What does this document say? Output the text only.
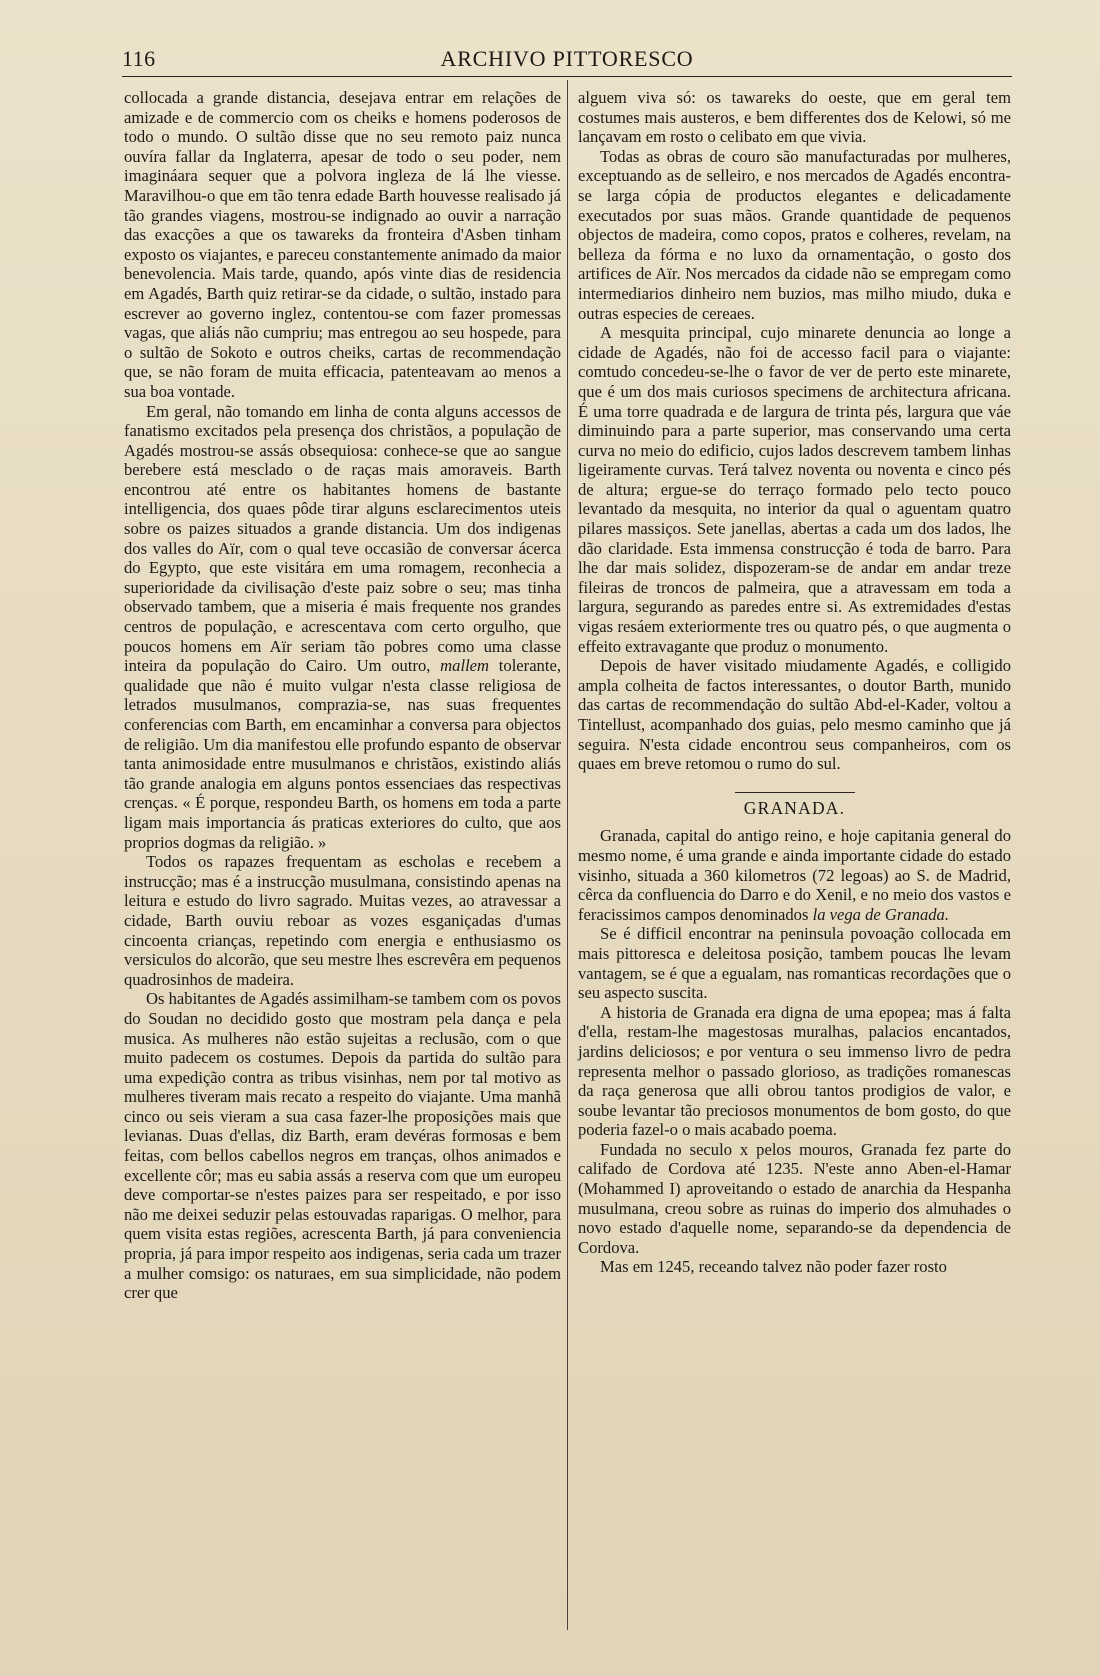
116	ARCHIVO PITTORESCO

collocada a grande distancia, desejava entrar em relações de amizade e de commercio com os cheiks e homens poderosos de todo o mundo. O sultão disse que no seu remoto paiz nunca ouvíra fallar da Inglaterra, apesar de todo o seu poder, nem imagináara sequer que a polvora ingleza de lá lhe viesse. Maravilhou-o que em tão tenra edade Barth houvesse realisado já tão grandes viagens, mostrou-se indignado ao ouvir a narração das exacções a que os tawareks da fronteira d'Asben tinham exposto os viajantes, e pareceu constantemente animado da maior benevolencia. Mais tarde, quando, após vinte dias de residencia em Agadés, Barth quiz retirar-se da cidade, o sultão, instado para escrever ao governo inglez, contentou-se com fazer promessas vagas, que aliás não cumpriu; mas entregou ao seu hospede, para o sultão de Sokoto e outros cheiks, cartas de recommendação que, se não foram de muita efficacia, patenteavam ao menos a sua boa vontade.

Em geral, não tomando em linha de conta alguns accessos de fanatismo excitados pela presença dos christãos, a população de Agadés mostrou-se assás obsequiosa: conhece-se que ao sangue berebere está mesclado o de raças mais amoraveis. Barth encontrou até entre os habitantes homens de bastante intelligencia, dos quaes pôde tirar alguns esclarecimentos uteis sobre os paizes situados a grande distancia. Um dos indigenas dos valles do Aïr, com o qual teve occasião de conversar ácerca do Egypto, que este visitára em uma romagem, reconhecia a superioridade da civilisação d'este paiz sobre o seu; mas tinha observado tambem, que a miseria é mais frequente nos grandes centros de população, e acrescentava com certo orgulho, que poucos homens em Aïr seriam tão pobres como uma classe inteira da população do Cairo. Um outro, mallem tolerante, qualidade que não é muito vulgar n'esta classe religiosa de letrados musulmanos, comprazia-se, nas suas frequentes conferencias com Barth, em encaminhar a conversa para objectos de religião. Um dia manifestou elle profundo espanto de observar tanta animosidade entre musulmanos e christãos, existindo aliás tão grande analogia em alguns pontos essenciaes das respectivas crenças. « É porque, respondeu Barth, os homens em toda a parte ligam mais importancia ás praticas exteriores do culto, que aos proprios dogmas da religião. »

Todos os rapazes frequentam as escholas e recebem a instrucção; mas é a instrucção musulmana, consistindo apenas na leitura e estudo do livro sagrado. Muitas vezes, ao atravessar a cidade, Barth ouviu reboar as vozes esganiçadas d'umas cincoenta crianças, repetindo com energia e enthusiasmo os versiculos do alcorão, que seu mestre lhes escrevêra em pequenos quadrosinhos de madeira.

Os habitantes de Agadés assimilham-se tambem com os povos do Soudan no decidido gosto que mostram pela dança e pela musica. As mulheres não estão sujeitas a reclusão, com o que muito padecem os costumes. Depois da partida do sultão para uma expedição contra as tribus visinhas, nem por tal motivo as mulheres tiveram mais recato a respeito do viajante. Uma manhã cinco ou seis vieram a sua casa fazer-lhe proposições mais que levianas. Duas d'ellas, diz Barth, eram devéras formosas e bem feitas, com bellos cabellos negros em tranças, olhos animados e excellente côr; mas eu sabia assás a reserva com que um europeu deve comportar-se n'estes paizes para ser respeitado, e por isso não me deixei seduzir pelas estouvadas raparigas. O melhor, para quem visita estas regiões, acrescenta Barth, já para conveniencia propria, já para impor respeito aos indigenas, seria cada um trazer a mulher comsigo: os naturaes, em sua simplicidade, não podem crer que

alguem viva só: os tawareks do oeste, que em geral tem costumes mais austeros, e bem differentes dos de Kelowi, só me lançavam em rosto o celibato em que vivia.

Todas as obras de couro são manufacturadas por mulheres, exceptuando as de selleiro, e nos mercados de Agadés encontra-se larga cópia de productos elegantes e delicadamente executados por suas mãos. Grande quantidade de pequenos objectos de madeira, como copos, pratos e colheres, revelam, na belleza da fórma e no luxo da ornamentação, o gosto dos artifices de Aïr. Nos mercados da cidade não se empregam como intermediarios dinheiro nem buzios, mas milho miudo, duka e outras especies de cereaes.

A mesquita principal, cujo minarete denuncia ao longe a cidade de Agadés, não foi de accesso facil para o viajante: comtudo concedeu-se-lhe o favor de ver de perto este minarete, que é um dos mais curiosos specimens de architectura africana. É uma torre quadrada e de largura de trinta pés, largura que váe diminuindo para a parte superior, mas conservando uma certa curva no meio do edificio, cujos lados descrevem tambem linhas ligeiramente curvas. Terá talvez noventa ou noventa e cinco pés de altura; ergue-se do terraço formado pelo tecto pouco levantado da mesquita, no interior da qual o aguentam quatro pilares massiços. Sete janellas, abertas a cada um dos lados, lhe dão claridade. Esta immensa construcção é toda de barro. Para lhe dar mais solidez, dispozeram-se de andar em andar treze fileiras de troncos de palmeira, que a atravessam em toda a largura, segurando as paredes entre si. As extremidades d'estas vigas resáem exteriormente tres ou quatro pés, o que augmenta o effeito extravagante que produz o monumento.

Depois de haver visitado miudamente Agadés, e colligido ampla colheita de factos interessantes, o doutor Barth, munido das cartas de recommendação do sultão Abd-el-Kader, voltou a Tintellust, acompanhado dos guias, pelo mesmo caminho que já seguira. N'esta cidade encontrou seus companheiros, com os quaes em breve retomou o rumo do sul.

GRANADA.

Granada, capital do antigo reino, e hoje capitania general do mesmo nome, é uma grande e ainda importante cidade do estado visinho, situada a 360 kilometros (72 legoas) ao S. de Madrid, cêrca da confluencia do Darro e do Xenil, e no meio dos vastos e feracissimos campos denominados la vega de Granada.

Se é difficil encontrar na peninsula povoação collocada em mais pittoresca e deleitosa posição, tambem poucas lhe levam vantagem, se é que a egualam, nas romanticas recordações que o seu aspecto suscita.

A historia de Granada era digna de uma epopea; mas á falta d'ella, restam-lhe magestosas muralhas, palacios encantados, jardins deliciosos; e por ventura o seu immenso livro de pedra representa melhor o passado glorioso, as tradições romanescas da raça generosa que alli obrou tantos prodigios de valor, e soube levantar tão preciosos monumentos de bom gosto, do que poderia fazel-o o mais acabado poema.

Fundada no seculo x pelos mouros, Granada fez parte do califado de Cordova até 1235. N'este anno Aben-el-Hamar (Mohammed I) aproveitando o estado de anarchia da Hespanha musulmana, creou sobre as ruinas do imperio dos almuhades o novo estado d'aquelle nome, separando-se da dependencia de Cordova.

Mas em 1245, receando talvez não poder fazer rosto
